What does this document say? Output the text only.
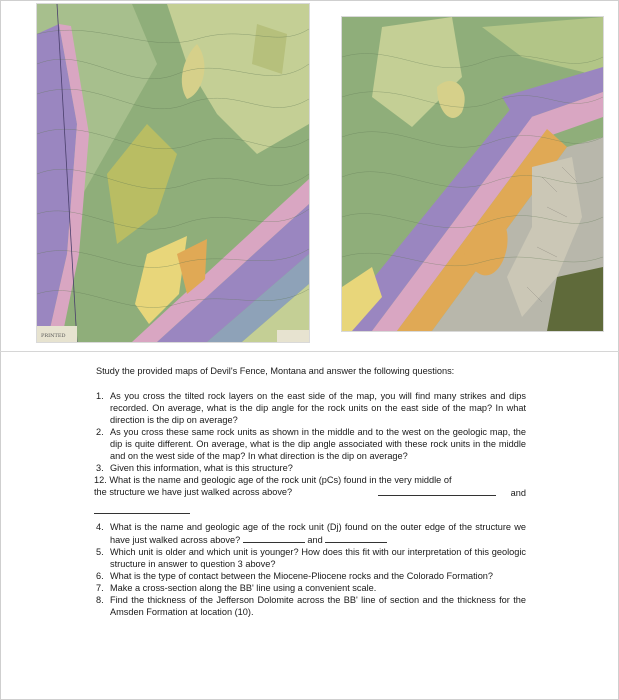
PRINTED

Study the provided maps of Devil's Fence, Montana and answer the following questions:

1. As you cross the tilted rock layers on the east side of the map, you will find many strikes and dips recorded. On average, what is the dip angle for the rock units on the east side of the map? In what direction is the dip on average?
2. As you cross these same rock units as shown in the middle and to the west on the geologic map, the dip is quite different. On average, what is the dip angle associated with these rock units in the middle and on the west side of the map? In what direction is the dip on average?
3. Given this information, what is this structure?
12. What is the name and geologic age of the rock unit (pCs) found in the very middle of
the structure we have just walked across above?	and
4. What is the name and geologic age of the rock unit (Dj) found on the outer edge of the structure we have just walked across above?	and
5. Which unit is older and which unit is younger? How does this fit with our interpretation of this geologic structure in answer to question 3 above?
6. What is the type of contact between the Miocene-Pliocene rocks and the Colorado Formation?
7. Make a cross-section along the BB' line using a convenient scale.
8. Find the thickness of the Jefferson Dolomite across the BB' line of section and the thickness for the Amsden Formation at location (10).
